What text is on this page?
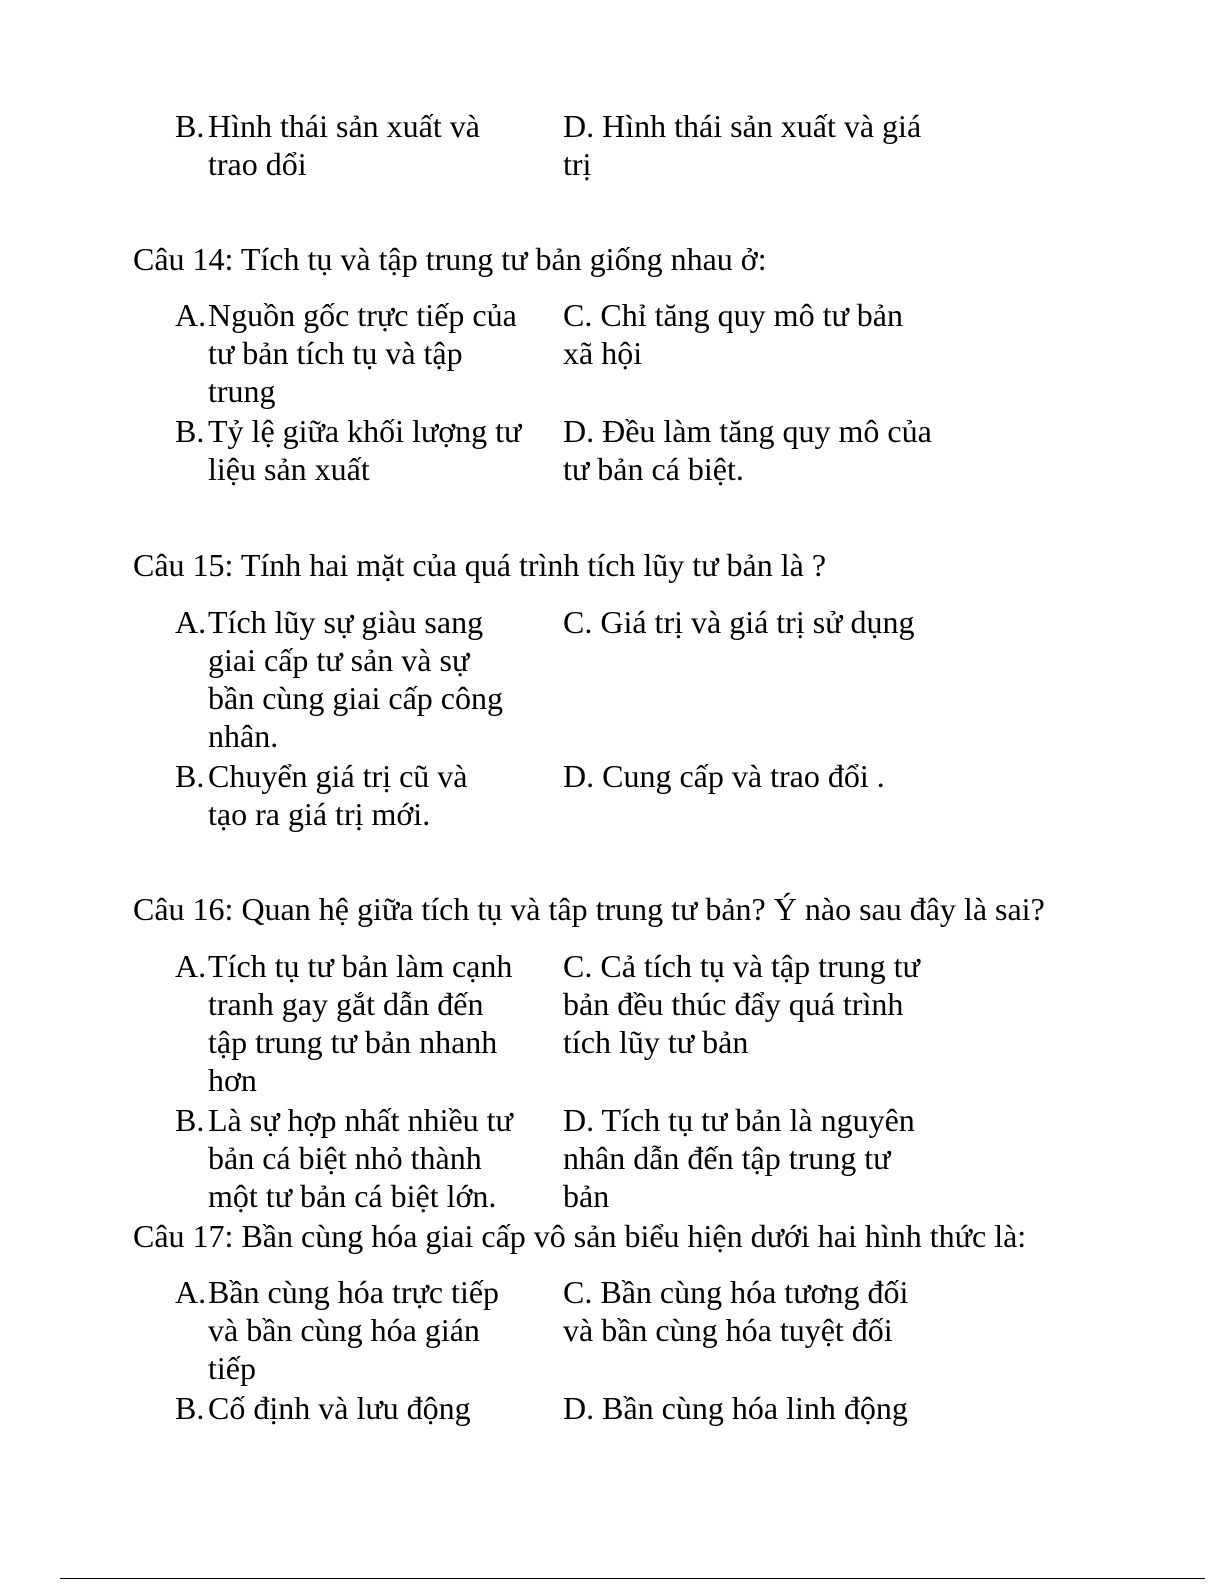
B. Hình thái sản xuất và trao dổi
D. Hình thái sản xuất và giá trị
Câu 14: Tích tụ và tập trung tư bản giống nhau ở:
A. Nguồn gốc trực tiếp của tư bản tích tụ và tập trung
C. Chỉ tăng quy mô tư bản xã hội
B. Tỷ lệ giữa khối lượng tư liệu sản xuất
D. Đều làm tăng quy mô của tư bản cá biệt.
Câu 15: Tính hai mặt của quá trình tích lũy tư bản là ?
A. Tích lũy sự giàu sang giai cấp tư sản và sự bần cùng giai cấp công nhân.
C. Giá trị và giá trị sử dụng
B. Chuyển giá trị cũ và tạo ra giá trị mới.
D. Cung cấp và trao đổi .
Câu 16: Quan hệ giữa tích tụ và tâp trung tư bản? Ý nào sau đây là sai?
A. Tích tụ tư bản làm cạnh tranh gay gắt dẫn đến tập trung tư bản nhanh hơn
C. Cả tích tụ và tập trung tư bản đều thúc đẩy quá trình tích lũy tư bản
B. Là sự hợp nhất nhiều tư bản cá biệt nhỏ thành một tư bản cá biệt lớn.
D. Tích tụ tư bản là nguyên nhân dẫn đến tập trung tư bản
Câu 17: Bần cùng hóa giai cấp vô sản biểu hiện dưới hai hình thức là:
A. Bần cùng hóa trực tiếp và bần cùng hóa gián tiếp
C. Bần cùng hóa tương đối và bần cùng hóa tuyệt đối
B. Cố định và lưu động	D. Bần cùng hóa linh động
